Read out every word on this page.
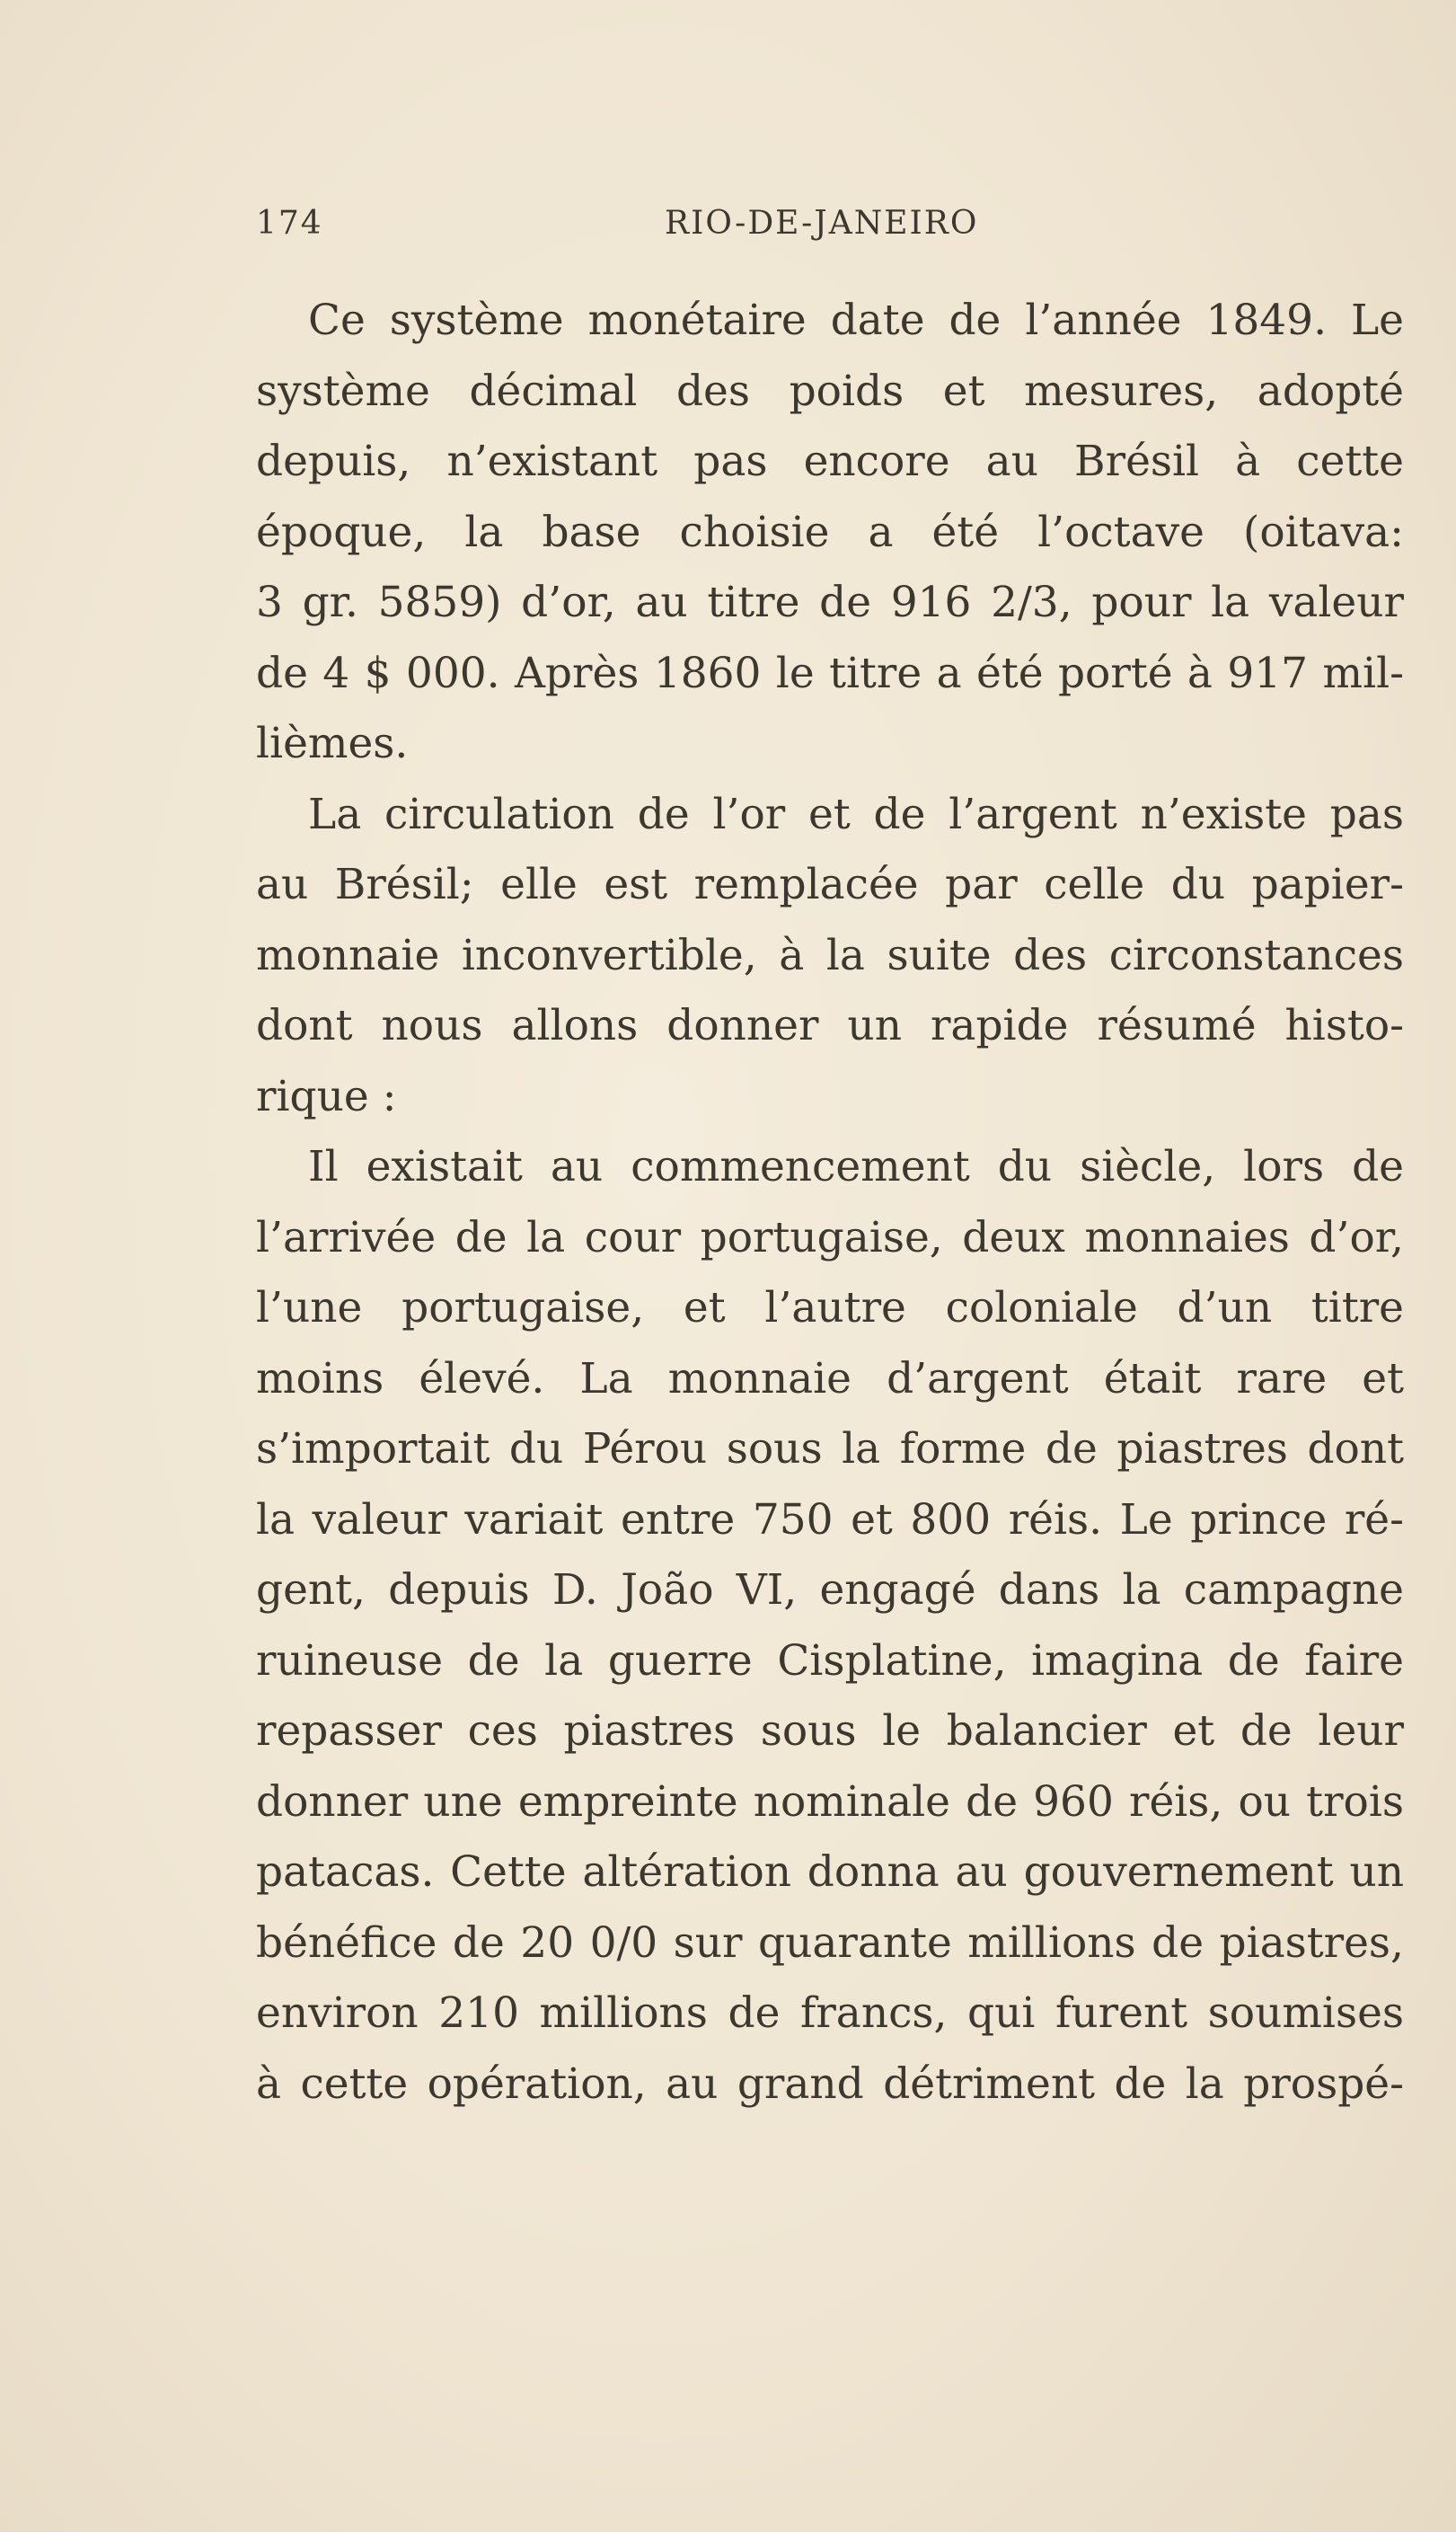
174	RIO-DE-JANEIRO
Ce système monétaire date de l’année 1849. Le
système décimal des poids et mesures, adopté
depuis, n’existant pas encore au Brésil à cette
époque, la base choisie a été l’octave (oitava:
3 gr. 5859) d’or, au titre de 916 2/3, pour la valeur
de 4 $ 000. Après 1860 le titre a été porté à 917 mil-
lièmes.
La circulation de l’or et de l’argent n’existe pas
au Brésil; elle est remplacée par celle du papier-
monnaie inconvertible, à la suite des circonstances
dont nous allons donner un rapide résumé histo-
rique :
Il existait au commencement du siècle, lors de
l’arrivée de la cour portugaise, deux monnaies d’or,
l’une portugaise, et l’autre coloniale d’un titre
moins élevé. La monnaie d’argent était rare et
s’importait du Pérou sous la forme de piastres dont
la valeur variait entre 750 et 800 réis. Le prince ré-
gent, depuis D. João VI, engagé dans la campagne
ruineuse de la guerre Cisplatine, imagina de faire
repasser ces piastres sous le balancier et de leur
donner une empreinte nominale de 960 réis, ou trois
patacas. Cette altération donna au gouvernement un
bénéfice de 20 0/0 sur quarante millions de piastres,
environ 210 millions de francs, qui furent soumises
à cette opération, au grand détriment de la prospé-
